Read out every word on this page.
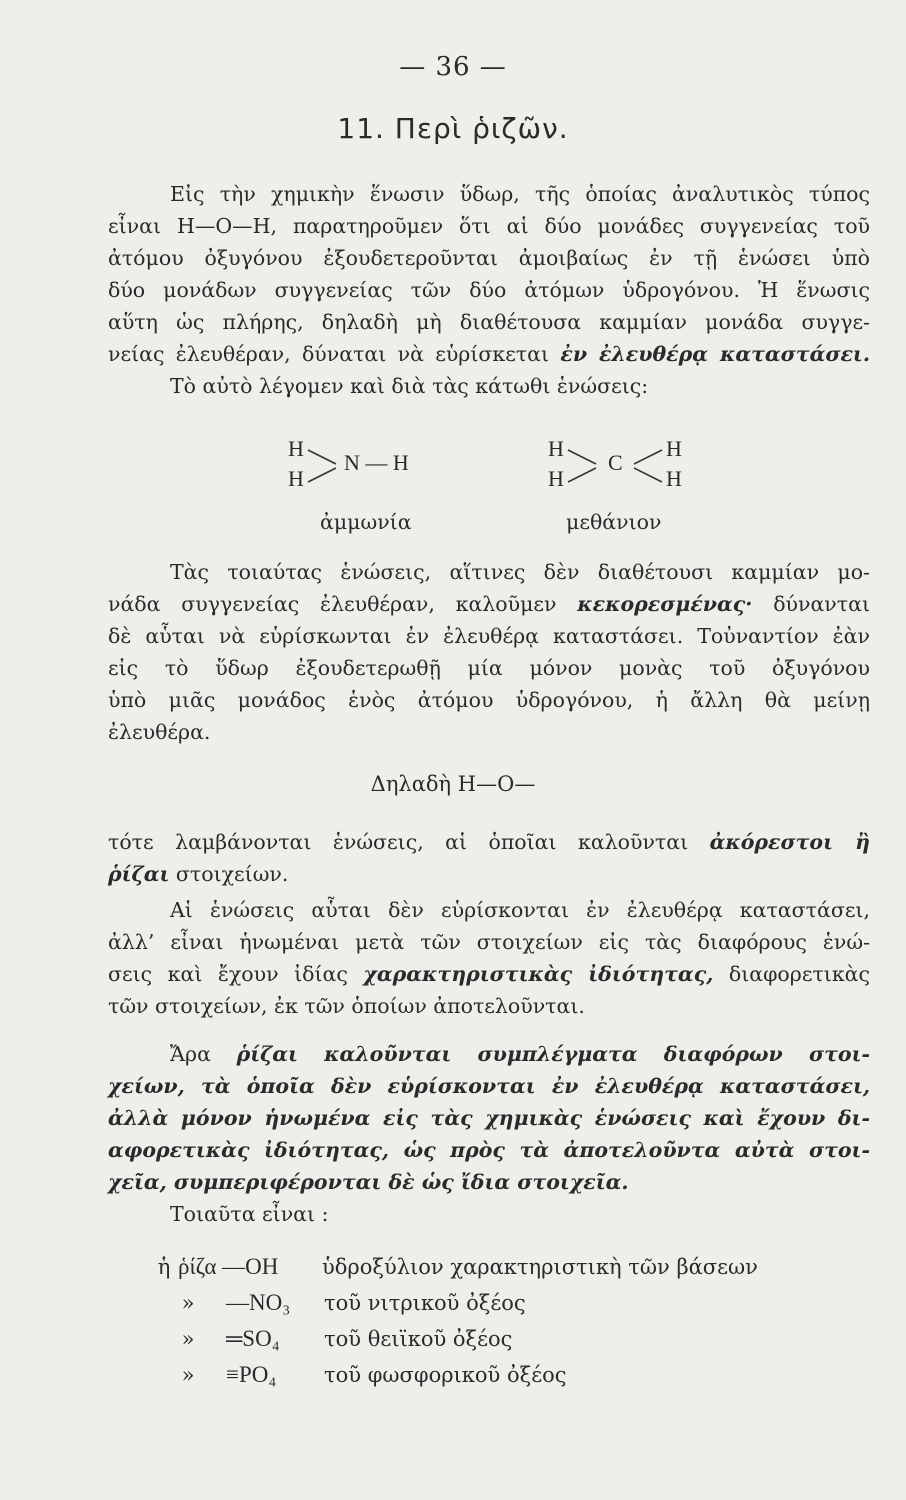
— 36 —
11. Περὶ ῥιζῶν.
Εἰς τὴν χημικὴν ἕνωσιν ὕδωρ, τῆς ὁποίας ἀναλυτικὸς τύπος
εἶναι Η—Ο—Η, παρατηροῦμεν ὅτι αἱ δύο μονάδες συγγενείας τοῦ
ἀτόμου ὀξυγόνου ἐξουδετεροῦνται ἀμοιβαίως ἐν τῇ ἑνώσει ὑπὸ
δύο μονάδων συγγενείας τῶν δύο ἀτόμων ὑδρογόνου. Ἡ ἕνωσις
αὕτη ὡς πλήρης, δηλαδὴ μὴ διαθέτουσα καμμίαν μονάδα συγγε-
νείας ἐλευθέραν, δύναται νὰ εὑρίσκεται ἐν ἐλευθέρᾳ καταστάσει.
Τὸ αὐτὸ λέγομεν καὶ διὰ τὰς κάτωθι ἑνώσεις:
H
H
N — H
ἀμμωνία
H
H
C
H
H
μεθάνιον
Τὰς τοιαύτας ἑνώσεις, αἵτινες δὲν διαθέτουσι καμμίαν μο-
νάδα συγγενείας ἐλευθέραν, καλοῦμεν κεκορεσμένας· δύνανται
δὲ αὗται νὰ εὑρίσκωνται ἐν ἐλευθέρᾳ καταστάσει. Τοὐναντίον ἐὰν
εἰς τὸ ὕδωρ ἐξουδετερωθῇ μία μόνον μονὰς τοῦ ὀξυγόνου
ὑπὸ μιᾶς μονάδος ἑνὸς ἀτόμου ὑδρογόνου, ἡ ἄλλη θὰ μείνῃ
ἐλευθέρα.
Δηλαδὴ Η—Ο—
τότε λαμβάνονται ἑνώσεις, αἱ ὁποῖαι καλοῦνται ἀκόρεστοι ἢ
ῥίζαι στοιχείων.
Αἱ ἑνώσεις αὗται δὲν εὑρίσκονται ἐν ἐλευθέρᾳ καταστάσει,
ἀλλ’ εἶναι ἡνωμέναι μετὰ τῶν στοιχείων εἰς τὰς διαφόρους ἑνώ-
σεις καὶ ἔχουν ἰδίας χαρακτηριστικὰς ἰδιότητας, διαφορετικὰς
τῶν στοιχείων, ἐκ τῶν ὁποίων ἀποτελοῦνται.
Ἄρα ῥίζαι καλοῦνται συμπλέγματα διαφόρων στοι-
χείων, τὰ ὁποῖα δὲν εὑρίσκονται ἐν ἐλευθέρᾳ καταστάσει,
ἀλλὰ μόνον ἡνωμένα εἰς τὰς χημικὰς ἑνώσεις καὶ ἔχουν δι-
αφορετικὰς ἰδιότητας, ὡς πρὸς τὰ ἀποτελοῦντα αὐτὰ στοι-
χεῖα, συμπεριφέρονται δὲ ὡς ἴδια στοιχεῖα.
Τοιαῦτα εἶναι :
ἡ ῥίζα —OH ὑδροξύλιον χαρακτηριστικὴ τῶν βάσεων
» —NO₃ τοῦ νιτρικοῦ ὀξέος
» ═SO₄ τοῦ θειϊκοῦ ὀξέος
» ≡PO₄ τοῦ φωσφορικοῦ ὀξέος
